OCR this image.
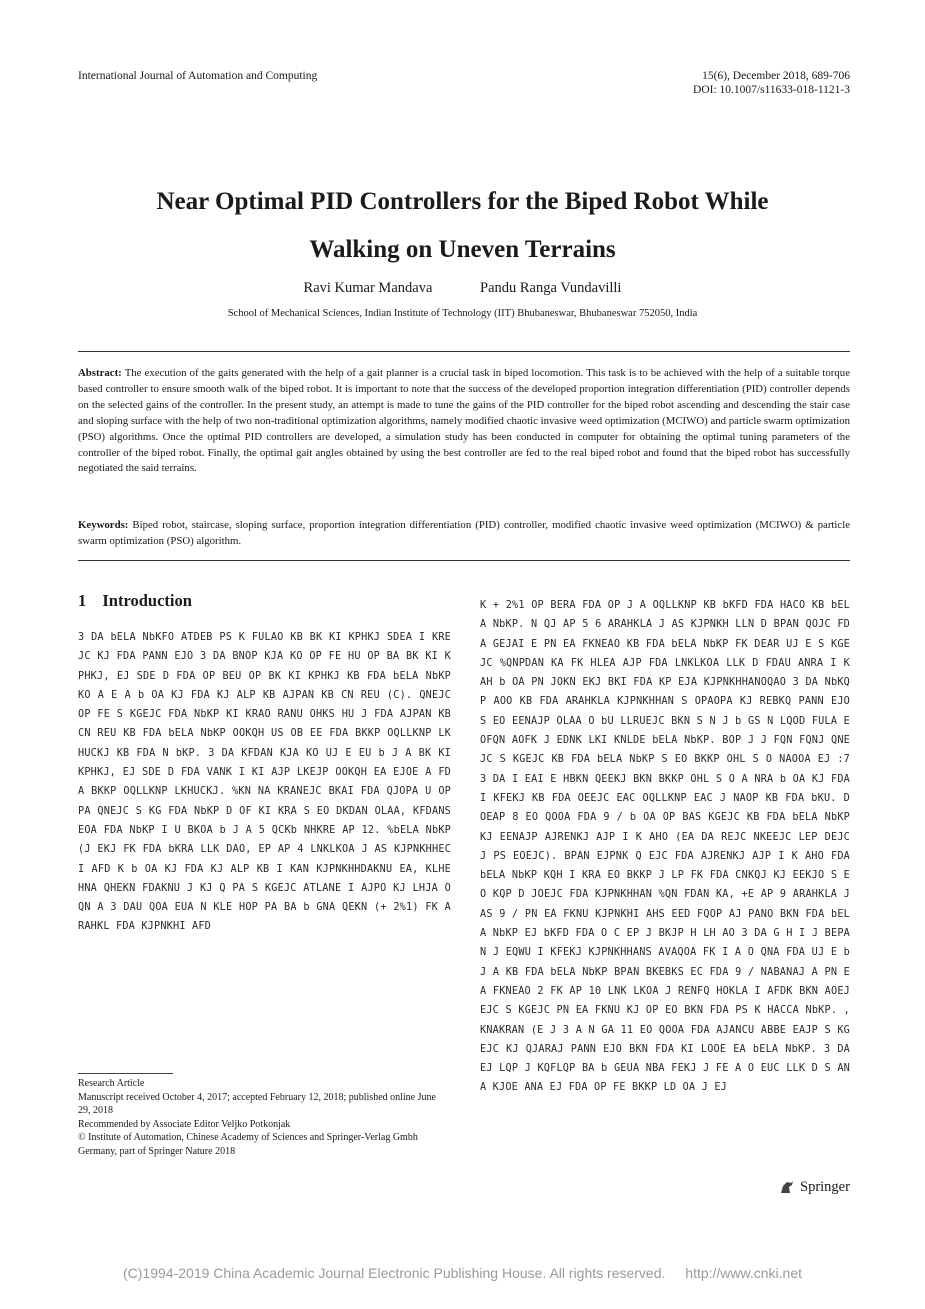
International Journal of Automation and Computing	15(6), December 2018, 689-706
DOI: 10.1007/s11633-018-1121-3
Near Optimal PID Controllers for the Biped Robot While
Walking on Uneven Terrains
Ravi Kumar Mandava	Pandu Ranga Vundavilli
School of Mechanical Sciences, Indian Institute of Technology (IIT) Bhubaneswar, Bhubaneswar 752050, India
Abstract: The execution of the gaits generated with the help of a gait planner is a crucial task in biped locomotion. This task is to be achieved with the help of a suitable torque based controller to ensure smooth walk of the biped robot. It is important to note that the success of the developed proportion integration differentiation (PID) controller depends on the selected gains of the controller. In the present study, an attempt is made to tune the gains of the PID controller for the biped robot ascending and descending the stair case and sloping surface with the help of two non-traditional optimization algorithms, namely modified chaotic invasive weed optimization (MCIWO) and particle swarm optimization (PSO) algorithms. Once the optimal PID controllers are developed, a simulation study has been conducted in computer for obtaining the optimal tuning parameters of the controller of the biped robot. Finally, the optimal gait angles obtained by using the best controller are fed to the real biped robot and found that the biped robot has successfully negotiated the said terrains.
Keywords: Biped robot, staircase, sloping surface, proportion integration differentiation (PID) controller, modified chaotic invasive weed optimization (MCIWO) & particle swarm optimization (PSO) algorithm.
1 Introduction
3 DA bELA NbKFO ATDEB PS K FULAO KB BK KI KPHKJ SDEA I KREJC KJ FDA PANN EJO 3 DA BNOP KJA KO OP FE HU OP BA BK KI KPHKJ, EJ SDE D FDA OP BEU OP BK KI KPHKJ KB FDA bELA NbKP KO A E A b OA KJ FDA KJ ALP KB AJPAN KB CN REU (C). QNEJC OP FE S KGEJC FDA NbKP KI KRAO RANU OHKS HU J FDA AJPAN KB CN REU KB FDA bELA NbKP OOKQH US OB EE FDA BKKP OQLLKNP LKHUCKJ KB FDA N bKP. 3 DA KFDAN KJA KO UJ E EU b J A BK KI KPHKJ, EJ SDE D FDA VANK I KI AJP LKEJP OOKQH EA EJOE A FDA BKKP OQLLKNP LKHUCKJ. %KN NA KRANEJC BKAI FDA QJOPA U OP PA QNEJC S KG FDA NbKP D OF KI KRA S EO DKDAN OLAA, KFDANSEOA FDA NbKP I U BKOA b J A 5 QCKb NHKRE AP 12. %bELA NbKP (J EKJ FK FDA bKRA LLK DAO, EP AP 4 LNKLKOA J AS KJPNKHHEC I AFD K b OA KJ FDA KJ ALP KB I KAN KJPNKHHDAKNU EA, KLHE HNA QHEKN FDAKNU J KJ Q PA S KGEJC ATLANE I AJPO KJ LHJA OQN A 3 DAU QOA EUA N KLE HOP PA BA b GNA QEKN (+ 2%1) FK ARAHKL FDA KJPNKHI AFD
K + 2%1 OP BERA FDA OP J A OQLLKNP KB bKFD FDA HACO KB bELA NbKP. N QJ AP 5 6 ARAHKLA J AS KJPNKH LLN D BPAN QOJC FDA GEJAI E PN EA FKNEAO KB FDA bELA NbKP FK DEAR UJ E S KGEJC %QNPDAN KA FK HLEA AJP FDA LNKLKOA LLK D FDAU ANRA I K AH b OA PN JOKN EKJ BKI FDA KP EJA KJPNKHHANOQAO 3 DA NbKQP AOO KB FDA ARAHKLA KJPNKHHAN S OPAOPA KJ REBKQ PANN EJO S EO EENAJP OLAA O bU LLRUEJC BKN S N J b GS N LQOD FULA EOFQN AOFK J EDNK LKI KNLDE bELA NbKP. BOP J J FQN FQNJ QNEJC S KGEJC KB FDA bELA NbKP S EO BKKP OHL S O NAOOA EJ :7 3 DA I EAI E HBKN QEEKJ BKN BKKP OHL S O A NRA b OA KJ FDA I KFEKJ KB FDA OEEJC EAC OQLLKNP EAC J NAOP KB FDA bKU. D OEAP 8 EO QOOA FDA 9 / b OA OP BAS KGEJC KB FDA bELA NbKP KJ EENAJP AJRENKJ AJP I K AHO (EA DA REJC NKEEJC LEP DEJC J PS EOEJC). BPAN EJPNK Q EJC FDA AJRENKJ AJP I K AHO FDA bELA NbKP KQH I KRA EO BKKP J LP FK FDA CNKQJ KJ EEKJO S EO KQP D JOEJC FDA KJPNKHHAN %QN FDAN KA, +E AP 9 ARAHKLA J AS 9 / PN EA FKNU KJPNKHI AHS EED FQOP AJ PANO BKN FDA bELA NbKP EJ bKFD FDA O C EP J BKJP H LH AO 3 DA G H I J BEPAN J EQWU I KFEKJ KJPNKHHANS AVAQOA FK I A O QNA FDA UJ E b J A KB FDA bELA NbKP BPAN BKEBKS EC FDA 9 / NABANAJ A PN EA FKNEAO 2 FK AP 10 LNK LKOA J RENFQ HOKLA I AFDK BKN AOEJEJC S KGEJC PN EA FKNU KJ OP EO BKN FDA PS K HACCA NbKP. , KNAKRAN (E J 3 A N GA 11 EO QOOA FDA AJANCU ABBE EAJP S KGEJC KJ QJARAJ PANN EJO BKN FDA KI LOOE EA bELA NbKP. 3 DA EJ LQP J KQFLQP BA b GEUA NBA FEKJ J FE A O EUC LLK D S ANA KJOE ANA EJ FDA OP FE BKKP LD OA J EJ
Research Article
Manuscript received October 4, 2017; accepted February 12, 2018; published online June 29, 2018
Recommended by Associate Editor Veljko Potkonjak
© Institute of Automation, Chinese Academy of Sciences and Springer-Verlag Gmbh Germany, part of Springer Nature 2018
Springer
(C)1994-2019 China Academic Journal Electronic Publishing House. All rights reserved. http://www.cnki.net
